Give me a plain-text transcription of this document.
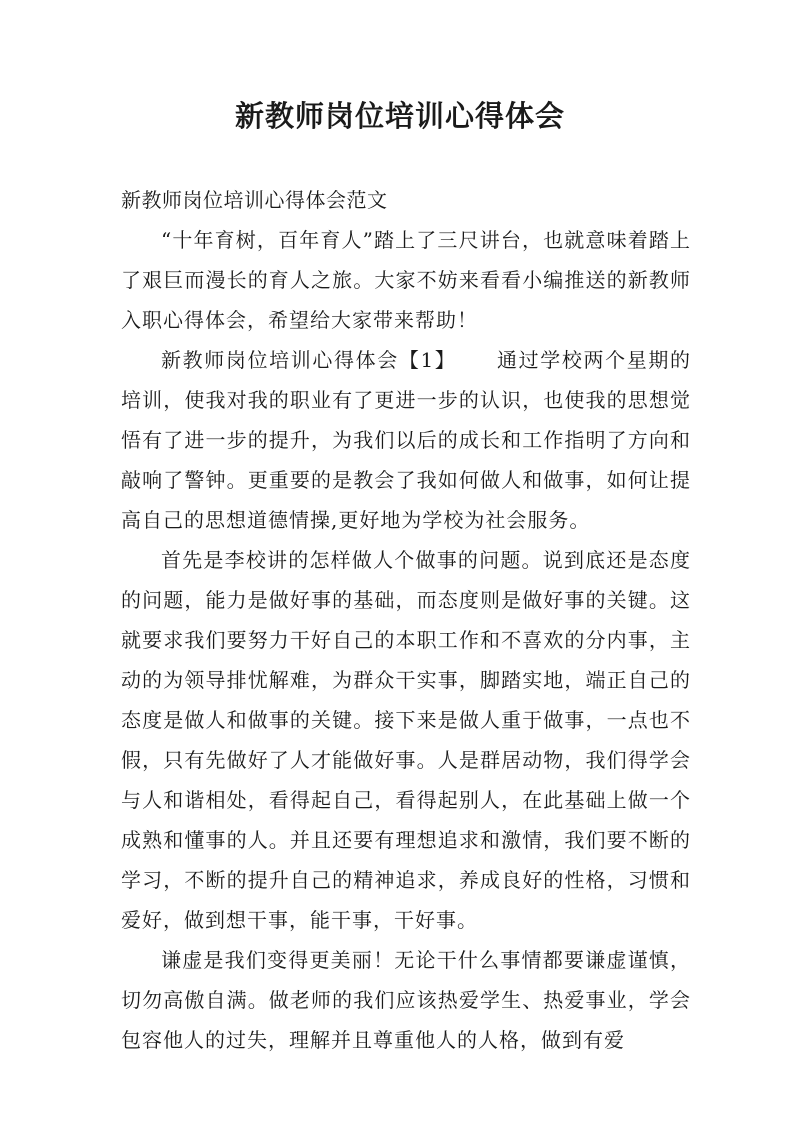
新教师岗位培训心得体会

新教师岗位培训心得体会范文

“十年育树，百年育人”踏上了三尺讲台，也就意味着踏上了艰巨而漫长的育人之旅。大家不妨来看看小编推送的新教师入职心得体会，希望给大家带来帮助！

新教师岗位培训心得体会【1】 通过学校两个星期的培训，使我对我的职业有了更进一步的认识，也使我的思想觉悟有了进一步的提升，为我们以后的成长和工作指明了方向和敲响了警钟。更重要的是教会了我如何做人和做事，如何让提高自己的思想道德情操,更好地为学校为社会服务。

首先是李校讲的怎样做人个做事的问题。说到底还是态度的问题，能力是做好事的基础，而态度则是做好事的关键。这就要求我们要努力干好自己的本职工作和不喜欢的分内事，主动的为领导排忧解难，为群众干实事，脚踏实地，端正自己的态度是做人和做事的关键。接下来是做人重于做事，一点也不假，只有先做好了人才能做好事。人是群居动物，我们得学会与人和谐相处，看得起自己，看得起别人，在此基础上做一个成熟和懂事的人。并且还要有理想追求和激情，我们要不断的学习，不断的提升自己的精神追求，养成良好的性格，习惯和爱好，做到想干事，能干事，干好事。

谦虚是我们变得更美丽！无论干什么事情都要谦虚谨慎，切勿高傲自满。做老师的我们应该热爱学生、热爱事业，学会包容他人的过失，理解并且尊重他人的人格，做到有爱
